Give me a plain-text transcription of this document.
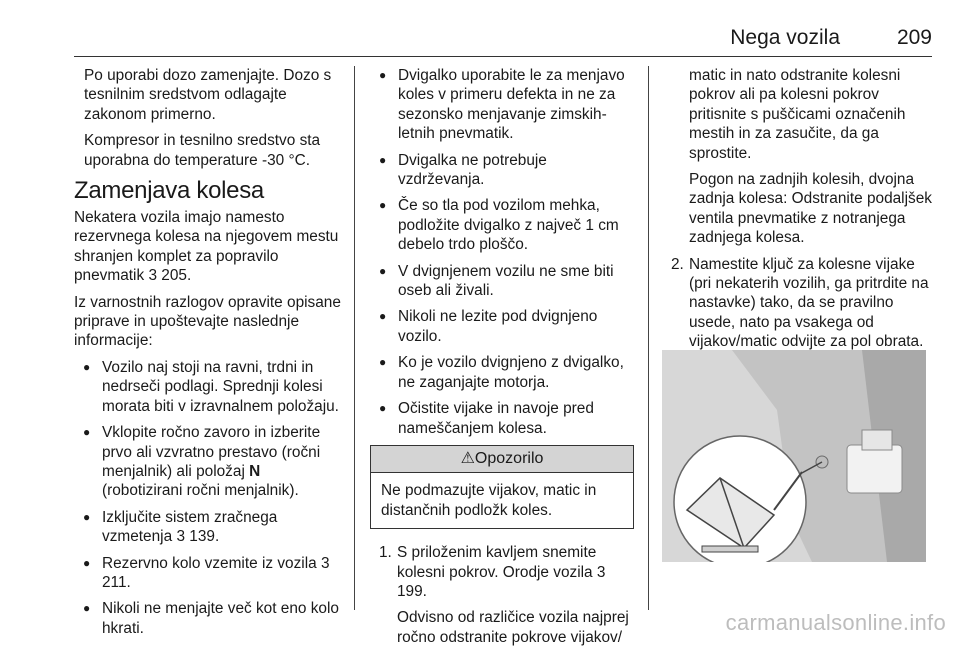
Nega vozila	209

Po uporabi dozo zamenjajte. Dozo s tesnilnim sredstvom odlagajte zakonom primerno.

Kompresor in tesnilno sredstvo sta uporabna do temperature -30 °C.

Zamenjava kolesa

Nekatera vozila imajo namesto rezervnega kolesa na njegovem mestu shranjen komplet za popravilo pnevmatik 3 205.

Iz varnostnih razlogov opravite opisane priprave in upoštevajte naslednje informacije:

● Vozilo naj stoji na ravni, trdni in nedrseči podlagi. Sprednji kolesi morata biti v izravnalnem položaju.
● Vklopite ročno zavoro in izberite prvo ali vzvratno prestavo (ročni menjalnik) ali položaj N (robotizirani ročni menjalnik).
● Izključite sistem zračnega vzmetenja 3 139.
● Rezervno kolo vzemite iz vozila 3 211.
● Nikoli ne menjajte več kot eno kolo hkrati.
● Dvigalko uporabite le za menjavo koles v primeru defekta in ne za sezonsko menjavanje zimskih-letnih pnevmatik.
● Dvigalka ne potrebuje vzdrževanja.
● Če so tla pod vozilom mehka, podložite dvigalko z največ 1 cm debelo trdo ploščo.
● V dvignjenem vozilu ne sme biti oseb ali živali.
● Nikoli ne lezite pod dvignjeno vozilo.
● Ko je vozilo dvignjeno z dvigalko, ne zaganjajte motorja.
● Očistite vijake in navoje pred nameščanjem kolesa.
⚠Opozorilo
Ne podmazujte vijakov, matic in distančnih podložk koles.
1. S priloženim kavljem snemite kolesni pokrov. Orodje vozila 3 199.

Odvisno od različice vozila najprej ročno odstranite pokrove vijakov/

matic in nato odstranite kolesni pokrov ali pa kolesni pokrov pritisnite s puščicami označenih mestih in za zasučite, da ga sprostite.

Pogon na zadnjih kolesih, dvojna zadnja kolesa: Odstranite podaljšek ventila pnevmatike z notranjega zadnjega kolesa.

2. Namestite ključ za kolesne vijake (pri nekaterih vozilih, ga pritrdite na nastavke) tako, da se pravilno usede, nato pa vsakega od vijakov/matic odvijte za pol obrata.
carmanualsonline.info
